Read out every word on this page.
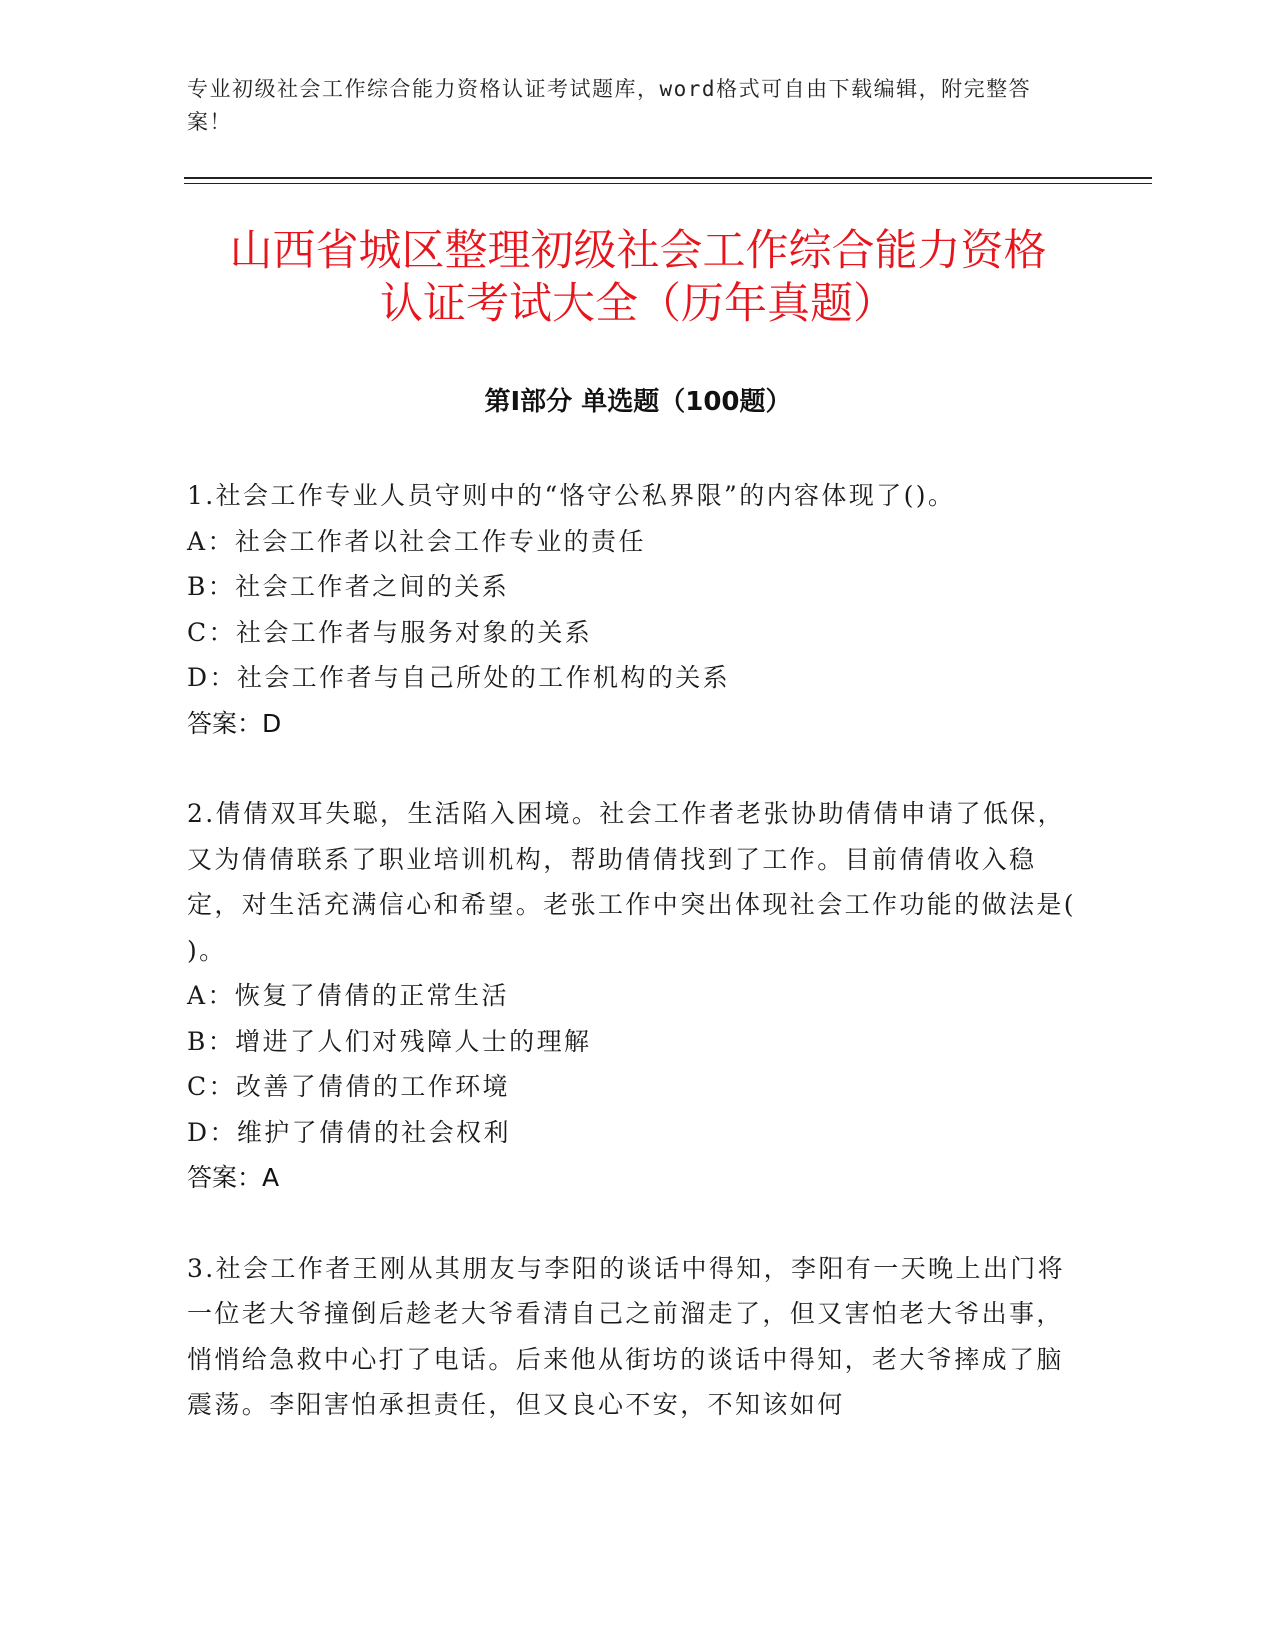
专业初级社会工作综合能力资格认证考试题库，word格式可自由下载编辑，附完整答案！
山西省城区整理初级社会工作综合能力资格
认证考试大全（历年真题）
第Ⅰ部分 单选题（100题）

1.社会工作专业人员守则中的“恪守公私界限”的内容体现了()。

A：社会工作者以社会工作专业的责任

B：社会工作者之间的关系

C：社会工作者与服务对象的关系

D：社会工作者与自己所处的工作机构的关系

答案：D

2.倩倩双耳失聪，生活陷入困境。社会工作者老张协助倩倩申请了低保，又为倩倩联系了职业培训机构，帮助倩倩找到了工作。目前倩倩收入稳定，对生活充满信心和希望。老张工作中突出体现社会工作功能的做法是( )。

A：恢复了倩倩的正常生活

B：增进了人们对残障人士的理解

C：改善了倩倩的工作环境

D：维护了倩倩的社会权利

答案：A

3.社会工作者王刚从其朋友与李阳的谈话中得知，李阳有一天晚上出门将一位老大爷撞倒后趁老大爷看清自己之前溜走了，但又害怕老大爷出事，悄悄给急救中心打了电话。后来他从街坊的谈话中得知，老大爷摔成了脑震荡。李阳害怕承担责任，但又良心不安，不知该如何
